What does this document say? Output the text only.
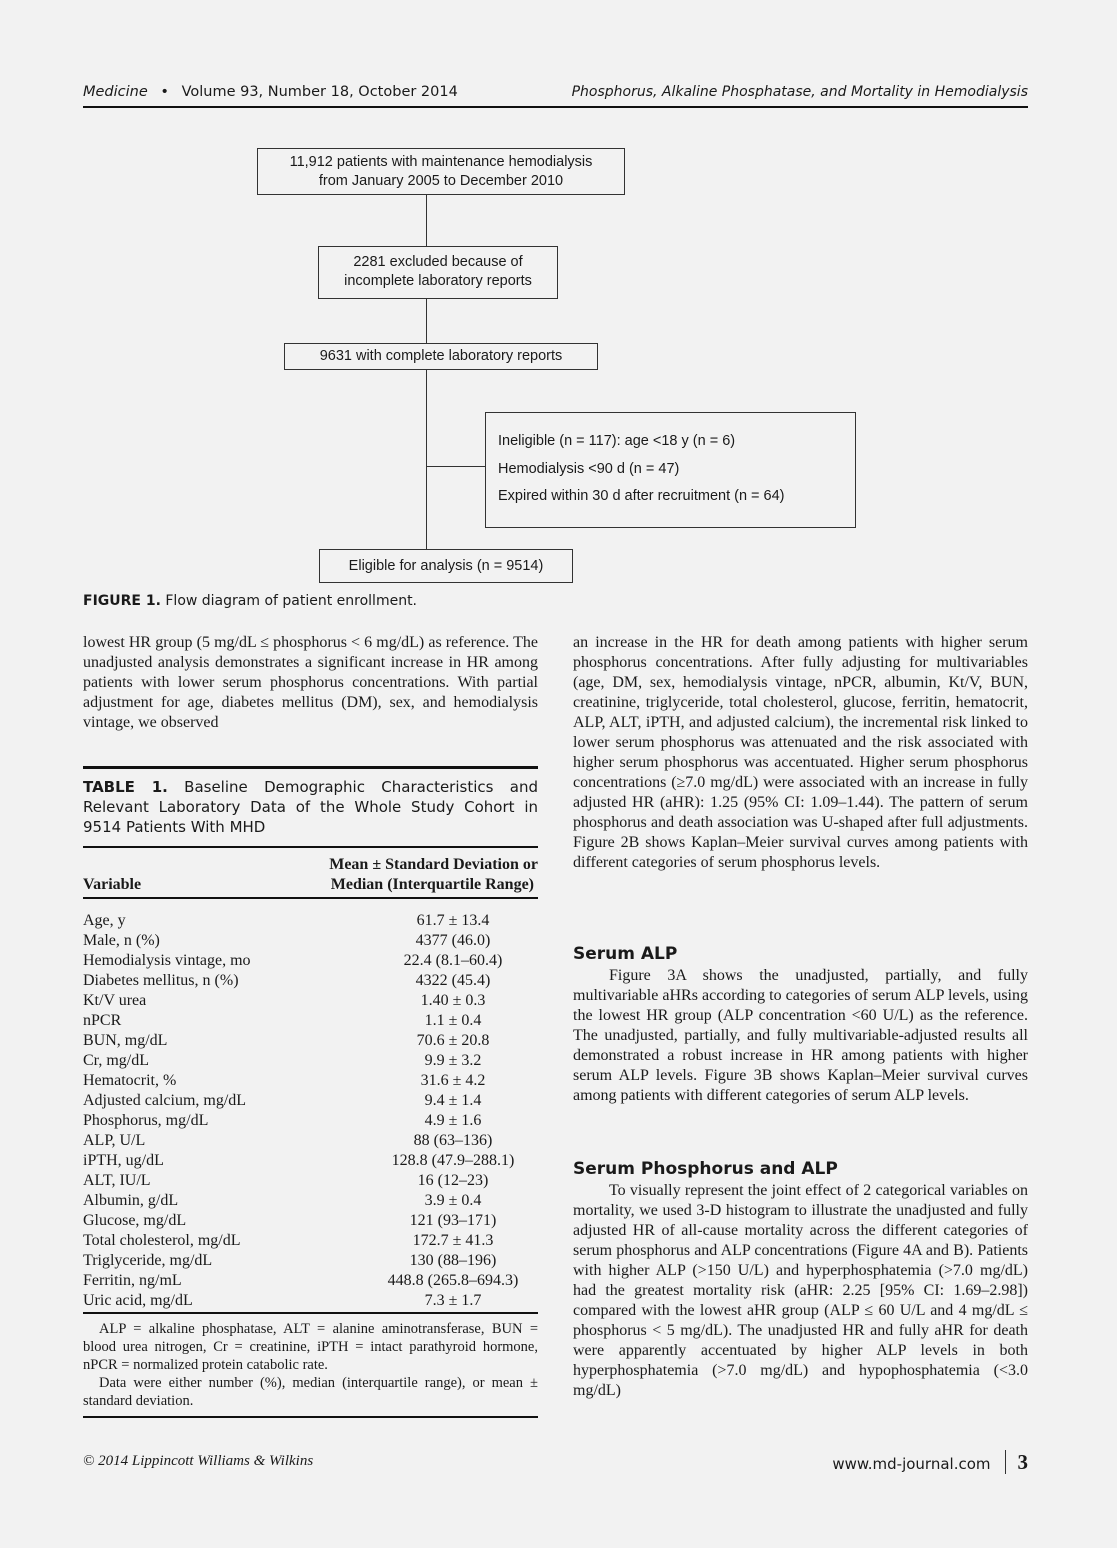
Medicine • Volume 93, Number 18, October 2014	Phosphorus, Alkaline Phosphatase, and Mortality in Hemodialysis
11,912 patients with maintenance hemodialysis
from January 2005 to December 2010
2281 excluded because of
incomplete laboratory reports
9631 with complete laboratory reports
Ineligible (n = 117): age <18 y (n = 6)
Hemodialysis <90 d (n = 47)
Expired within 30 d after recruitment (n = 64)
Eligible for analysis (n = 9514)
FIGURE 1. Flow diagram of patient enrollment.

lowest HR group (5 mg/dL ≤ phosphorus < 6 mg/dL) as reference. The unadjusted analysis demonstrates a significant increase in HR among patients with lower serum phosphorus concentrations. With partial adjustment for age, diabetes mellitus (DM), sex, and hemodialysis vintage, we observed

TABLE 1. Baseline Demographic Characteristics and Relevant Laboratory Data of the Whole Study Cohort in 9514 Patients With MHD
Variable
Mean ± Standard Deviation or
Median (Interquartile Range)
Age, y	61.7 ± 13.4
Male, n (%)	4377 (46.0)
Hemodialysis vintage, mo	22.4 (8.1–60.4)
Diabetes mellitus, n (%)	4322 (45.4)
Kt/V urea	1.40 ± 0.3
nPCR	1.1 ± 0.4
BUN, mg/dL	70.6 ± 20.8
Cr, mg/dL	9.9 ± 3.2
Hematocrit, %	31.6 ± 4.2
Adjusted calcium, mg/dL	9.4 ± 1.4
Phosphorus, mg/dL	4.9 ± 1.6
ALP, U/L	88 (63–136)
iPTH, ug/dL	128.8 (47.9–288.1)
ALT, IU/L	16 (12–23)
Albumin, g/dL	3.9 ± 0.4
Glucose, mg/dL	121 (93–171)
Total cholesterol, mg/dL	172.7 ± 41.3
Triglyceride, mg/dL	130 (88–196)
Ferritin, ng/mL	448.8 (265.8–694.3)
Uric acid, mg/dL	7.3 ± 1.7

ALP = alkaline phosphatase, ALT = alanine aminotransferase, BUN = blood urea nitrogen, Cr = creatinine, iPTH = intact parathyroid hormone, nPCR = normalized protein catabolic rate.

Data were either number (%), median (interquartile range), or mean ± standard deviation.

an increase in the HR for death among patients with higher serum phosphorus concentrations. After fully adjusting for multivariables (age, DM, sex, hemodialysis vintage, nPCR, albumin, Kt/V, BUN, creatinine, triglyceride, total cholesterol, glucose, ferritin, hematocrit, ALP, ALT, iPTH, and adjusted calcium), the incremental risk linked to lower serum phosphorus was attenuated and the risk associated with higher serum phosphorus was accentuated. Higher serum phosphorus concentrations (≥7.0 mg/dL) were associated with an increase in fully adjusted HR (aHR): 1.25 (95% CI: 1.09–1.44). The pattern of serum phosphorus and death association was U-shaped after full adjustments. Figure 2B shows Kaplan–Meier survival curves among patients with different categories of serum phosphorus levels.

Serum ALP

Figure 3A shows the unadjusted, partially, and fully multivariable aHRs according to categories of serum ALP levels, using the lowest HR group (ALP concentration <60 U/L) as the reference. The unadjusted, partially, and fully multivariable-adjusted results all demonstrated a robust increase in HR among patients with higher serum ALP levels. Figure 3B shows Kaplan–Meier survival curves among patients with different categories of serum ALP levels.

Serum Phosphorus and ALP

To visually represent the joint effect of 2 categorical variables on mortality, we used 3-D histogram to illustrate the unadjusted and fully adjusted HR of all-cause mortality across the different categories of serum phosphorus and ALP concentrations (Figure 4A and B). Patients with higher ALP (>150 U/L) and hyperphosphatemia (>7.0 mg/dL) had the greatest mortality risk (aHR: 2.25 [95% CI: 1.69–2.98]) compared with the lowest aHR group (ALP ≤ 60 U/L and 4 mg/dL ≤ phosphorus < 5 mg/dL). The unadjusted HR and fully aHR for death were apparently accentuated by higher ALP levels in both hyperphosphatemia (>7.0 mg/dL) and hypophosphatemia (<3.0 mg/dL)

© 2014 Lippincott Williams & Wilkins	www.md-journal.com 3
